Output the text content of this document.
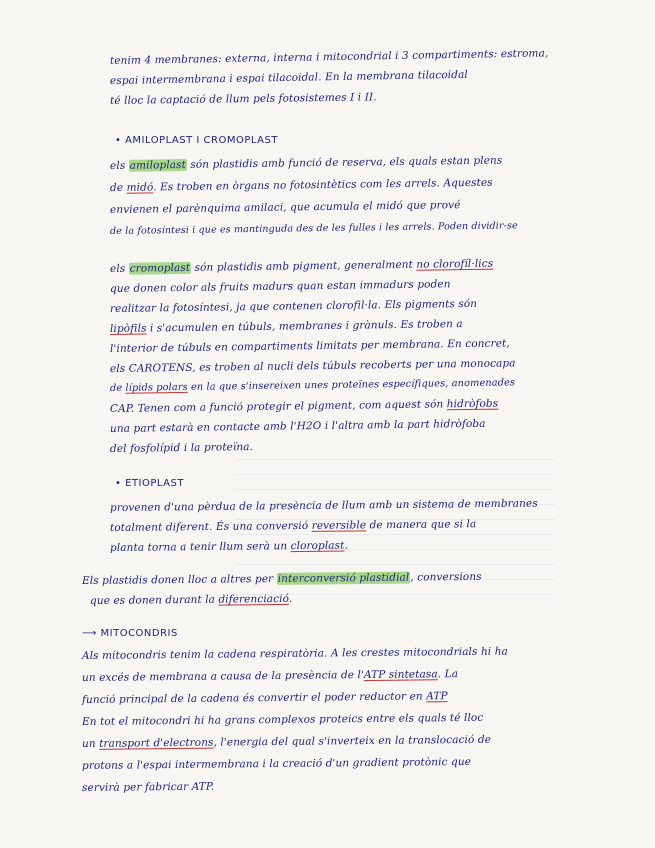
tenim 4 membranes: externa, interna i mitocondrial i 3 compartiments: estroma,
espai intermembrana i espai tilacoidal. En la membrana tilacoidal
té lloc la captació de llum pels fotosistemes I i II.
• AMILOPLAST I CROMOPLAST
els amiloplast són plastidis amb funció de reserva, els quals estan plens
de midó. Es troben en òrgans no fotosintètics com les arrels. Aquestes
envienen el parènquima amilaci, que acumula el midó que prové
de la fotosíntesi i que es mantinguda des de les fulles i les arrels. Poden dividir-se
els cromoplast són plastidis amb pigment, generalment no clorofíl·lics
que donen color als fruits madurs quan estan immadurs poden
realitzar la fotosíntesi, ja que contenen clorofil·la. Els pigments són
lipòfils i s'acumulen en túbuls, membranes i grànuls. Es troben a
l'interior de túbuls en compartiments limitats per membrana. En concret,
els CAROTENS, es troben al nucli dels túbuls recoberts per una monocapa
de lípids polars en la que s'insereixen unes proteïnes específiques, anomenades
CAP. Tenen com a funció protegir el pigment, com aquest són hidròfobs
una part estarà en contacte amb l'H2O i l'altra amb la part hidròfoba
del fosfolípid i la proteïna.
• ETIOPLAST
provenen d'una pèrdua de la presència de llum amb un sistema de membranes
totalment diferent. És una conversió reversible de manera que si la
planta torna a tenir llum serà un cloroplast.
Els plastidis donen lloc a altres per interconversió plastidial, conversions
que es donen durant la diferenciació.
⟶ MITOCONDRIS
Als mitocondris tenim la cadena respiratòria. A les crestes mitocondrials hi ha
un excés de membrana a causa de la presència de l'ATP sintetasa. La
funció principal de la cadena és convertir el poder reductor en ATP
En tot el mitocondri hi ha grans complexos proteics entre els quals té lloc
un transport d'electrons, l'energia del qual s'inverteix en la translocació de
protons a l'espai intermembrana i la creació d'un gradient protònic que
servirà per fabricar ATP.
